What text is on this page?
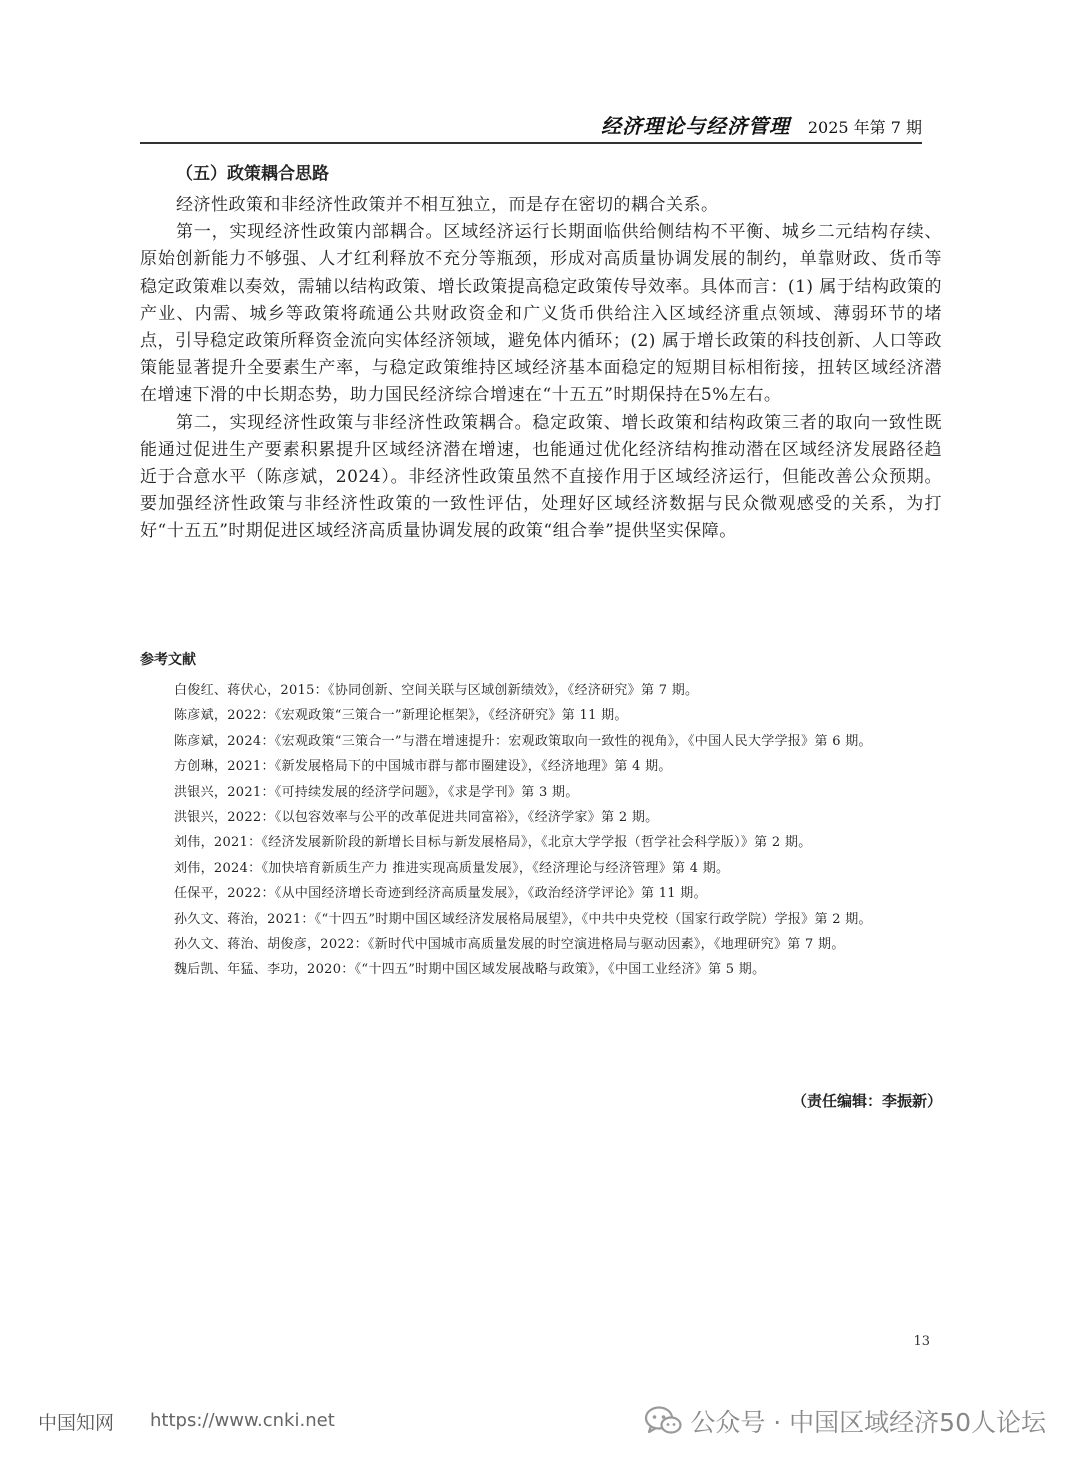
经济理论与经济管理 2025 年第 7 期
（五）政策耦合思路

经济性政策和非经济性政策并不相互独立，而是存在密切的耦合关系。

第一，实现经济性政策内部耦合。区域经济运行长期面临供给侧结构不平衡、城乡二元结构存续、原始创新能力不够强、人才红利释放不充分等瓶颈，形成对高质量协调发展的制约，单靠财政、货币等稳定政策难以奏效，需辅以结构政策、增长政策提高稳定政策传导效率。具体而言：(1) 属于结构政策的产业、内需、城乡等政策将疏通公共财政资金和广义货币供给注入区域经济重点领域、薄弱环节的堵点，引导稳定政策所释资金流向实体经济领域，避免体内循环；(2) 属于增长政策的科技创新、人口等政策能显著提升全要素生产率，与稳定政策维持区域经济基本面稳定的短期目标相衔接，扭转区域经济潜在增速下滑的中长期态势，助力国民经济综合增速在“十五五”时期保持在5%左右。

第二，实现经济性政策与非经济性政策耦合。稳定政策、增长政策和结构政策三者的取向一致性既能通过促进生产要素积累提升区域经济潜在增速，也能通过优化经济结构推动潜在区域经济发展路径趋近于合意水平（陈彦斌，2024）。非经济性政策虽然不直接作用于区域经济运行，但能改善公众预期。要加强经济性政策与非经济性政策的一致性评估，处理好区域经济数据与民众微观感受的关系，为打好“十五五”时期促进区域经济高质量协调发展的政策“组合拳”提供坚实保障。

参考文献

白俊红、蒋伏心，2015：《协同创新、空间关联与区域创新绩效》，《经济研究》第 7 期。

陈彦斌，2022：《宏观政策“三策合一”新理论框架》，《经济研究》第 11 期。

陈彦斌，2024：《宏观政策“三策合一”与潜在增速提升：宏观政策取向一致性的视角》，《中国人民大学学报》第 6 期。

方创琳，2021：《新发展格局下的中国城市群与都市圈建设》，《经济地理》第 4 期。

洪银兴，2021：《可持续发展的经济学问题》，《求是学刊》第 3 期。

洪银兴，2022：《以包容效率与公平的改革促进共同富裕》，《经济学家》第 2 期。

刘伟，2021：《经济发展新阶段的新增长目标与新发展格局》，《北京大学学报（哲学社会科学版）》第 2 期。

刘伟，2024：《加快培育新质生产力 推进实现高质量发展》，《经济理论与经济管理》第 4 期。

任保平，2022：《从中国经济增长奇迹到经济高质量发展》，《政治经济学评论》第 11 期。

孙久文、蒋治，2021：《“十四五”时期中国区域经济发展格局展望》，《中共中央党校（国家行政学院）学报》第 2 期。

孙久文、蒋治、胡俊彦，2022：《新时代中国城市高质量发展的时空演进格局与驱动因素》，《地理研究》第 7 期。

魏后凯、年猛、李功，2020：《“十四五”时期中国区域发展战略与政策》，《中国工业经济》第 5 期。

（责任编辑：李振新）
13
中国知网 https://www.cnki.net	公众号 · 中国区域经济50人论坛
